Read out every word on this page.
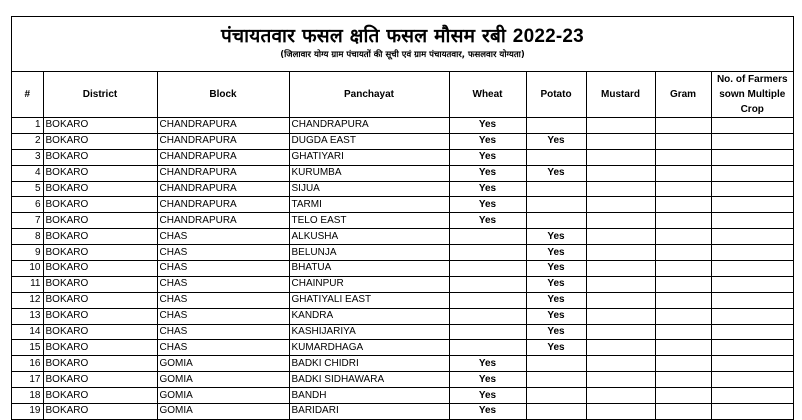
पंचायतवार फसल क्षति फसल मौसम रबी 2022-23
(जिलावार योग्य ग्राम पंचायतों की सूची एवं ग्राम पंचायतवार, फसलवार योग्यता)
#	District	Block	Panchayat	Wheat	Potato	Mustard	Gram	No. of Farmers sown Multiple Crop
1	BOKARO	CHANDRAPURA	CHANDRAPURA	Yes				
2	BOKARO	CHANDRAPURA	DUGDA EAST	Yes	Yes			
3	BOKARO	CHANDRAPURA	GHATIYARI	Yes				
4	BOKARO	CHANDRAPURA	KURUMBA	Yes	Yes			
5	BOKARO	CHANDRAPURA	SIJUA	Yes				
6	BOKARO	CHANDRAPURA	TARMI	Yes				
7	BOKARO	CHANDRAPURA	TELO EAST	Yes				
8	BOKARO	CHAS	ALKUSHA		Yes			
9	BOKARO	CHAS	BELUNJA		Yes			
10	BOKARO	CHAS	BHATUA		Yes			
11	BOKARO	CHAS	CHAINPUR		Yes			
12	BOKARO	CHAS	GHATIYALI EAST		Yes			
13	BOKARO	CHAS	KANDRA		Yes			
14	BOKARO	CHAS	KASHIJARIYA		Yes			
15	BOKARO	CHAS	KUMARDHAGA		Yes			
16	BOKARO	GOMIA	BADKI CHIDRI	Yes				
17	BOKARO	GOMIA	BADKI SIDHAWARA	Yes				
18	BOKARO	GOMIA	BANDH	Yes				
19	BOKARO	GOMIA	BARIDARI	Yes				
